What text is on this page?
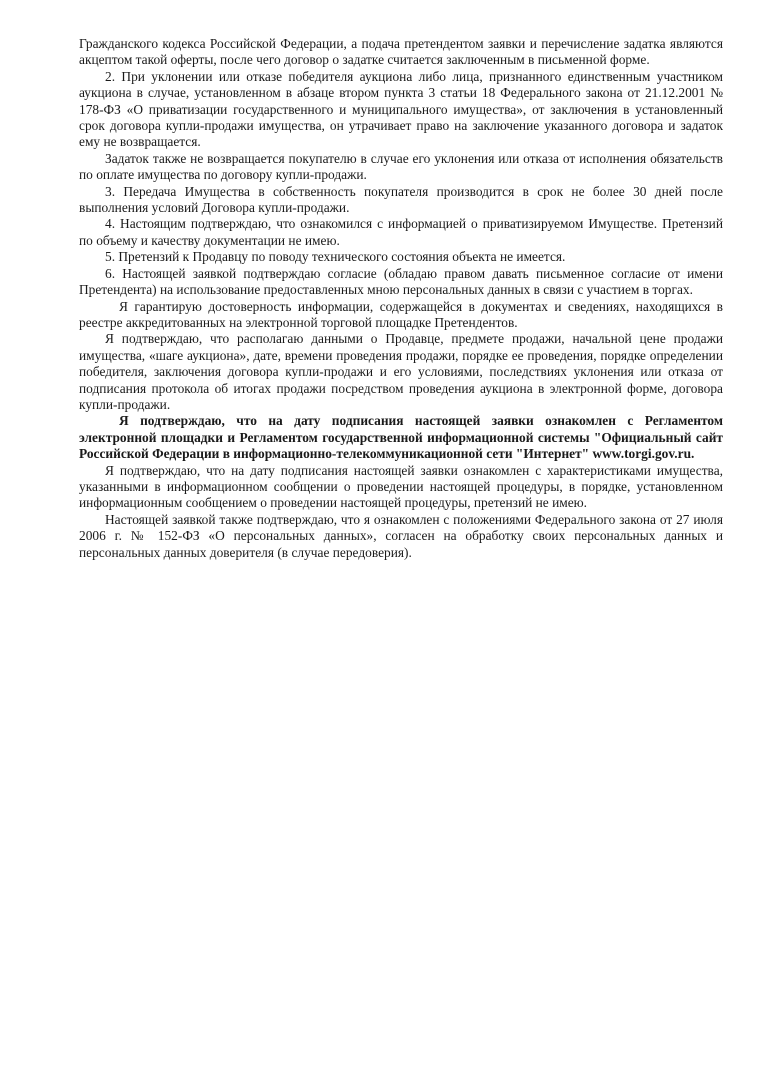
Гражданского кодекса Российской Федерации, а подача претендентом заявки и перечисление задатка являются акцептом такой оферты, после чего договор о задатке считается заключенным в письменной форме.

2. При уклонении или отказе победителя аукциона либо лица, признанного единственным участником аукциона в случае, установленном в абзаце втором пункта 3 статьи 18 Федерального закона от 21.12.2001 № 178-ФЗ «О приватизации государственного и муниципального имущества», от заключения в установленный срок договора купли-продажи имущества, он утрачивает право на заключение указанного договора и задаток ему не возвращается.

Задаток также не возвращается покупателю в случае его уклонения или отказа от исполнения обязательств по оплате имущества по договору купли-продажи.

3. Передача Имущества в собственность покупателя производится в срок не более 30 дней после выполнения условий Договора купли-продажи.

4. Настоящим подтверждаю, что ознакомился с информацией о приватизируемом Имуществе. Претензий по объему и качеству документации не имею.

5. Претензий к Продавцу по поводу технического состояния объекта не имеется.

6. Настоящей заявкой подтверждаю согласие (обладаю правом давать письменное согласие от имени Претендента) на использование предоставленных мною персональных данных в связи с участием в торгах.

Я гарантирую достоверность информации, содержащейся в документах и сведениях, находящихся в реестре аккредитованных на электронной торговой площадке Претендентов.

Я подтверждаю, что располагаю данными о Продавце, предмете продажи, начальной цене продажи имущества, «шаге аукциона», дате, времени проведения продажи, порядке ее проведения, порядке определении победителя, заключения договора купли-продажи и его условиями, последствиях уклонения или отказа от подписания протокола об итогах продажи посредством проведения аукциона в электронной форме, договора купли-продажи.

Я подтверждаю, что на дату подписания настоящей заявки ознакомлен с Регламентом электронной площадки и Регламентом государственной информационной системы "Официальный сайт Российской Федерации в информационно-телекоммуникационной сети "Интернет" www.torgi.gov.ru.

Я подтверждаю, что на дату подписания настоящей заявки ознакомлен с характеристиками имущества, указанными в информационном сообщении о проведении настоящей процедуры, в порядке, установленном информационным сообщением о проведении настоящей процедуры, претензий не имею.

Настоящей заявкой также подтверждаю, что я ознакомлен с положениями Федерального закона от 27 июля 2006 г. № 152-ФЗ «О персональных данных», согласен на обработку своих персональных данных и персональных данных доверителя (в случае передоверия).
